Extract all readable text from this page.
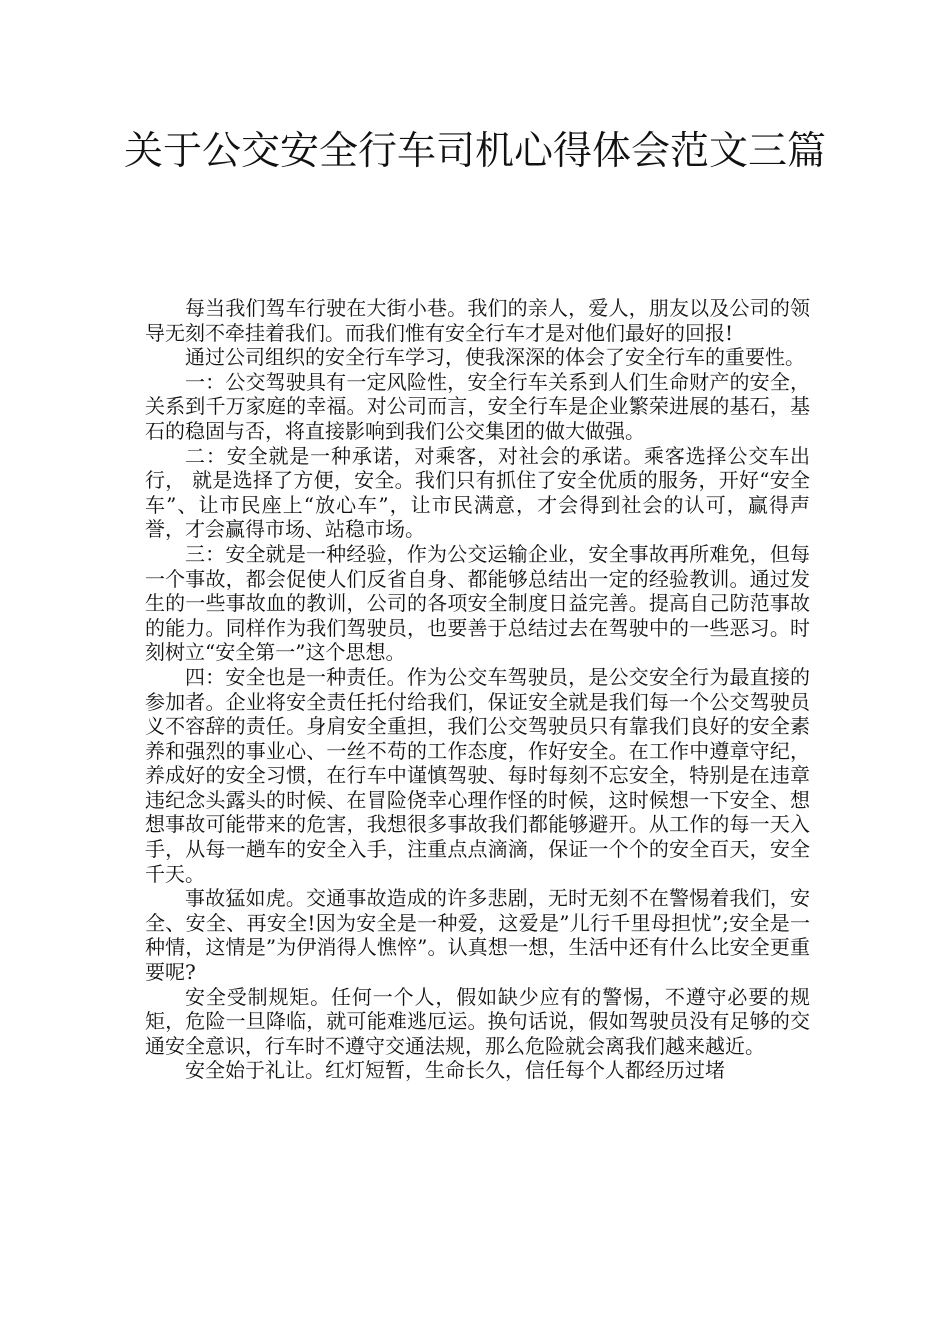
关于公交安全行车司机心得体会范文三篇

每当我们驾车行驶在大街小巷。我们的亲人，爱人，朋友以及公司的领导无刻不牵挂着我们。而我们惟有安全行车才是对他们最好的回报!

通过公司组织的安全行车学习，使我深深的体会了安全行车的重要性。

一：公交驾驶具有一定风险性，安全行车关系到人们生命财产的安全，关系到千万家庭的幸福。对公司而言，安全行车是企业繁荣进展的基石，基石的稳固与否，将直接影响到我们公交集团的做大做强。

二：安全就是一种承诺，对乘客，对社会的承诺。乘客选择公交车出行， 就是选择了方便，安全。我们只有抓住了安全优质的服务，开好“安全车”、让市民座上“放心车”，让市民满意，才会得到社会的认可，赢得声誉，才会赢得市场、站稳市场。

三：安全就是一种经验，作为公交运输企业，安全事故再所难免，但每一个事故，都会促使人们反省自身、都能够总结出一定的经验教训。通过发生的一些事故血的教训，公司的各项安全制度日益完善。提高自己防范事故的能力。同样作为我们驾驶员，也要善于总结过去在驾驶中的一些恶习。时刻树立“安全第一”这个思想。

四：安全也是一种责任。作为公交车驾驶员，是公交安全行为最直接的参加者。企业将安全责任托付给我们，保证安全就是我们每一个公交驾驶员义不容辞的责任。身肩安全重担，我们公交驾驶员只有靠我们良好的安全素养和强烈的事业心、一丝不苟的工作态度，作好安全。在工作中遵章守纪，养成好的安全习惯，在行车中谨慎驾驶、每时每刻不忘安全，特别是在违章违纪念头露头的时候、在冒险侥幸心理作怪的时候，这时候想一下安全、想想事故可能带来的危害，我想很多事故我们都能够避开。从工作的每一天入手，从每一趟车的安全入手，注重点点滴滴，保证一个个的安全百天，安全千天。

事故猛如虎。交通事故造成的许多悲剧，无时无刻不在警惕着我们，安全、安全、再安全!因为安全是一种爱，这爱是”儿行千里母担忧”;安全是一种情，这情是”为伊消得人憔悴”。认真想一想，生活中还有什么比安全更重要呢?

安全受制规矩。任何一个人，假如缺少应有的警惕，不遵守必要的规矩，危险一旦降临，就可能难逃厄运。换句话说，假如驾驶员没有足够的交通安全意识，行车时不遵守交通法规，那么危险就会离我们越来越近。

安全始于礼让。红灯短暂，生命长久，信任每个人都经历过堵
